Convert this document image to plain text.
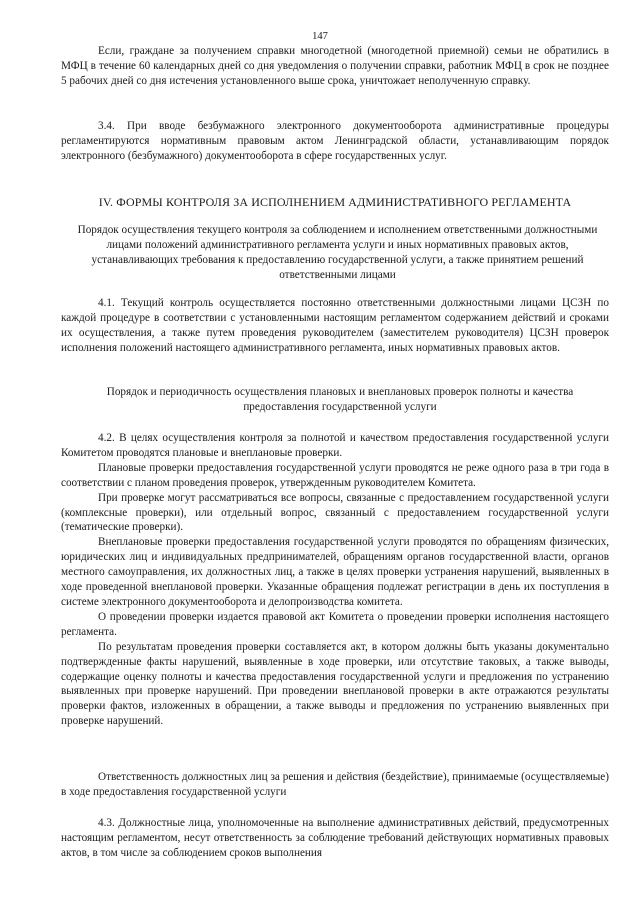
147
Если, граждане за получением справки многодетной (многодетной приемной) семьи не обратились в МФЦ в течение 60 календарных дней со дня уведомления о получении справки, работник МФЦ в срок не позднее 5 рабочих дней со дня истечения установленного выше срока, уничтожает неполученную справку.
3.4. При вводе безбумажного электронного документооборота административные процедуры регламентируются нормативным правовым актом Ленинградской области, устанавливающим порядок электронного (безбумажного) документооборота в сфере государственных услуг.
IV. ФОРМЫ КОНТРОЛЯ ЗА ИСПОЛНЕНИЕМ АДМИНИСТРАТИВНОГО РЕГЛАМЕНТА
Порядок осуществления текущего контроля за соблюдением и исполнением ответственными должностными лицами положений административного регламента услуги и иных нормативных правовых актов, устанавливающих требования к предоставлению государственной услуги, а также принятием решений ответственными лицами
4.1. Текущий контроль осуществляется постоянно ответственными должностными лицами ЦСЗН по каждой процедуре в соответствии с установленными настоящим регламентом содержанием действий и сроками их осуществления, а также путем проведения руководителем (заместителем руководителя) ЦСЗН проверок исполнения положений настоящего административного регламента, иных нормативных правовых актов.
Порядок и периодичность осуществления плановых и внеплановых проверок полноты и качества предоставления государственной услуги
4.2. В целях осуществления контроля за полнотой и качеством предоставления государственной услуги Комитетом проводятся плановые и внеплановые проверки.
Плановые проверки предоставления государственной услуги проводятся не реже одного раза в три года в соответствии с планом проведения проверок, утвержденным руководителем Комитета.
При проверке могут рассматриваться все вопросы, связанные с предоставлением государственной услуги (комплексные проверки), или отдельный вопрос, связанный с предоставлением государственной услуги (тематические проверки).
Внеплановые проверки предоставления государственной услуги проводятся по обращениям физических, юридических лиц и индивидуальных предпринимателей, обращениям органов государственной власти, органов местного самоуправления, их должностных лиц, а также в целях проверки устранения нарушений, выявленных в ходе проведенной внеплановой проверки. Указанные обращения подлежат регистрации в день их поступления в системе электронного документооборота и делопроизводства комитета.
О проведении проверки издается правовой акт Комитета о проведении проверки исполнения настоящего регламента.
По результатам проведения проверки составляется акт, в котором должны быть указаны документально подтвержденные факты нарушений, выявленные в ходе проверки, или отсутствие таковых, а также выводы, содержащие оценку полноты и качества предоставления государственной услуги и предложения по устранению выявленных при проверке нарушений. При проведении внеплановой проверки в акте отражаются результаты проверки фактов, изложенных в обращении, а также выводы и предложения по устранению выявленных при проверке нарушений.
Ответственность должностных лиц за решения и действия (бездействие), принимаемые (осуществляемые) в ходе предоставления государственной услуги
4.3. Должностные лица, уполномоченные на выполнение административных действий, предусмотренных настоящим регламентом, несут ответственность за соблюдение требований действующих нормативных правовых актов, в том числе за соблюдением сроков выполнения
